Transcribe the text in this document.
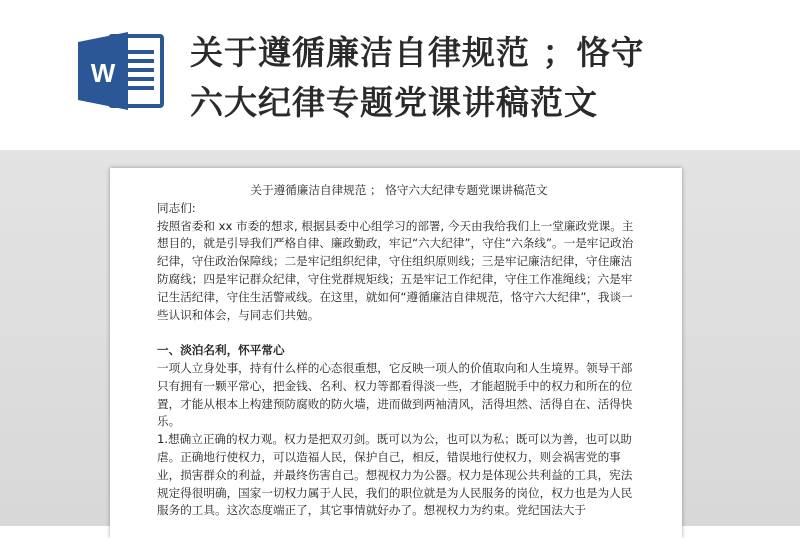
W
关于遵循廉洁自律规范 ；恪守
六大纪律专题党课讲稿范文
关于遵循廉洁自律规范 ； 恪守六大纪律专题党课讲稿范文

同志们:

按照省委和 xx 市委的想求, 根据县委中心组学习的部署, 今天由我给我们上一堂廉政党课。主想目的，就是引导我们严格自律、廉政勤政，牢记“六大纪律”，守住“六条线”。一是牢记政治纪律，守住政治保障线；二是牢记组织纪律，守住组织原则线；三是牢记廉洁纪律，守住廉洁防腐线；四是牢记群众纪律，守住党群规矩线；五是牢记工作纪律，守住工作准绳线；六是牢记生活纪律，守住生活警戒线。在这里，就如何“遵循廉洁自律规范，恪守六大纪律”，我谈一些认识和体会，与同志们共勉。

一、淡泊名利，怀平常心

一项人立身处事，持有什么样的心态很重想，它反映一项人的价值取向和人生境界。领导干部只有拥有一颗平常心，把金钱、名利、权力等都看得淡一些，才能超脱手中的权力和所在的位置，才能从根本上构建预防腐败的防火墙，进而做到两袖清风，活得坦然、活得自在、活得快乐。

1.想确立正确的权力观。权力是把双刃剑。既可以为公，也可以为私；既可以为善，也可以助虐。正确地行使权力，可以造福人民，保护自己，相反，错误地行使权力，则会祸害党的事业，损害群众的利益，并最终伤害自己。想视权力为公器。权力是体现公共利益的工具，宪法规定得很明确，国家一切权力属于人民，我们的职位就是为人民服务的岗位，权力也是为人民服务的工具。这次态度端正了，其它事情就好办了。想视权力为约束。党纪国法大于
